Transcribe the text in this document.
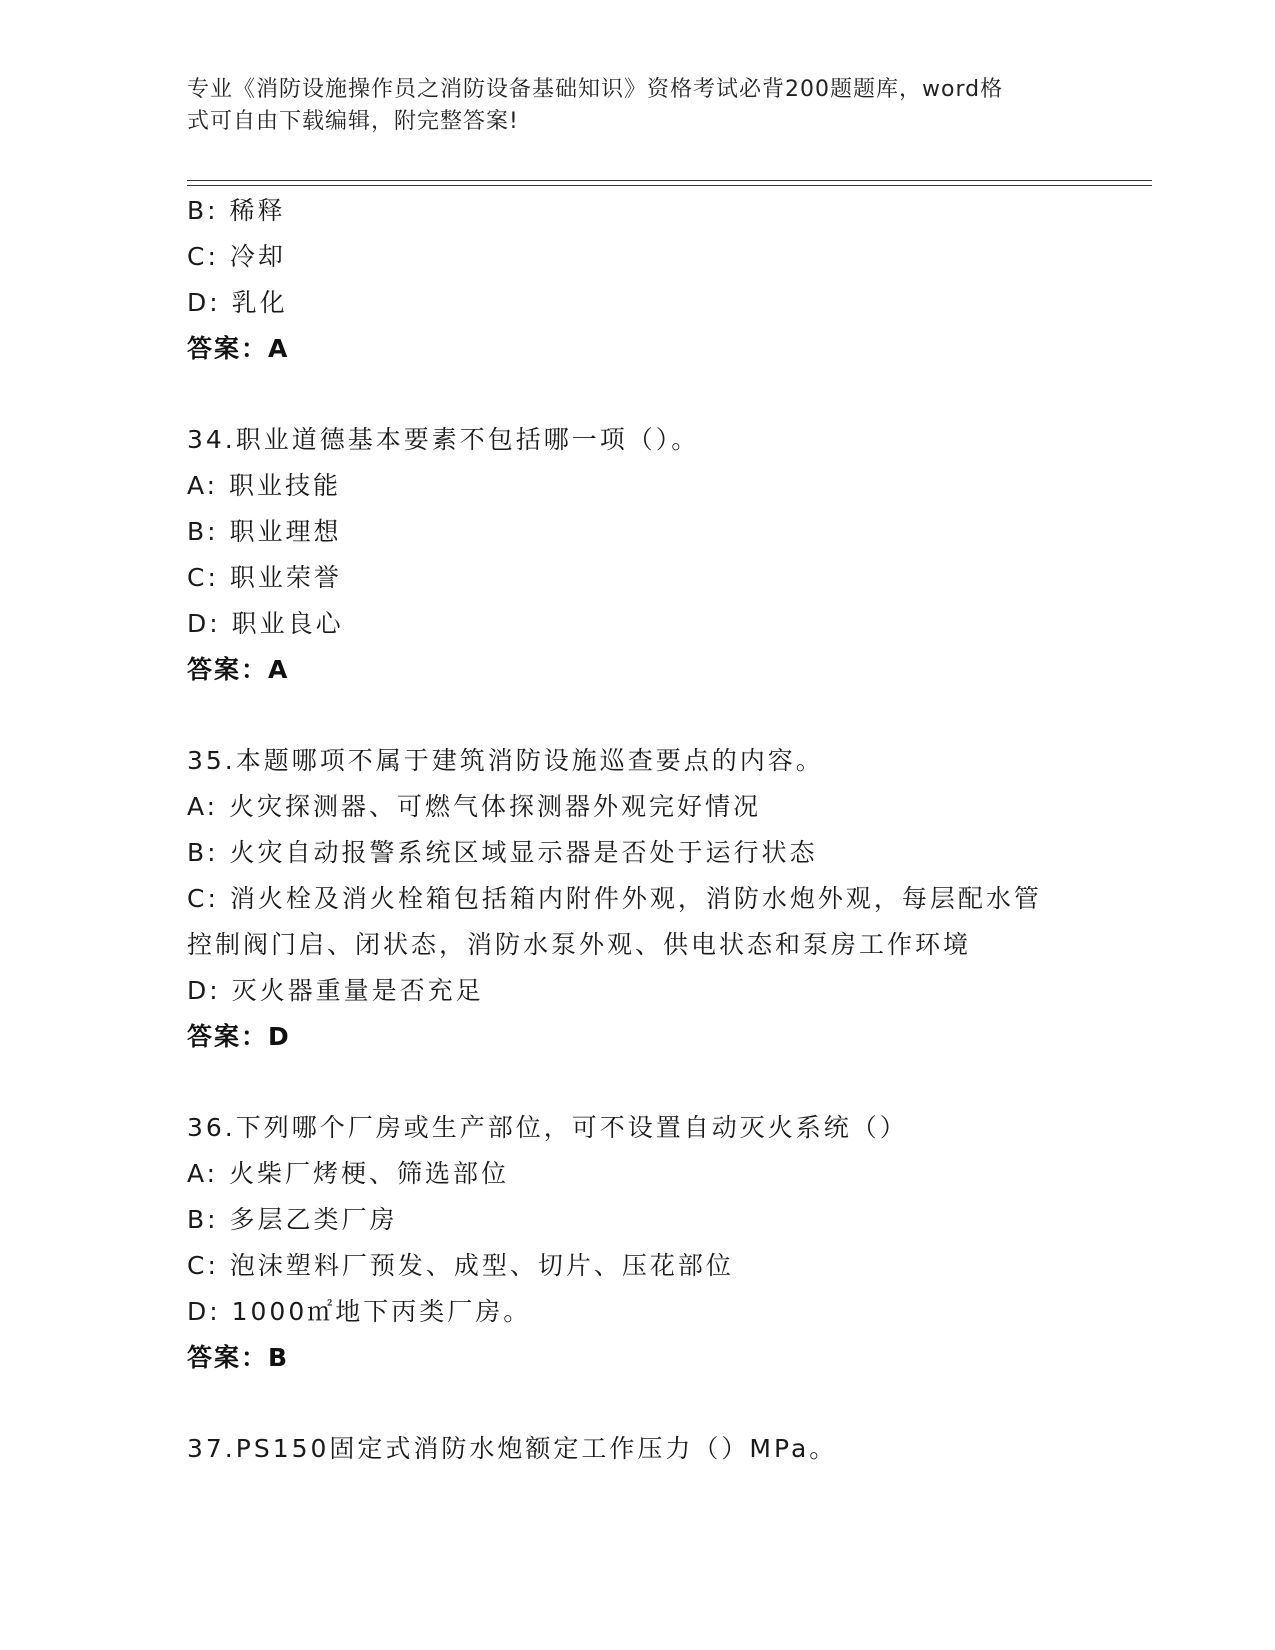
专业《消防设施操作员之消防设备基础知识》资格考试必背200题题库，word格
式可自由下载编辑，附完整答案!
B: 稀释
C: 冷却
D: 乳化
答案：A
34.职业道德基本要素不包括哪一项（）。
A: 职业技能
B: 职业理想
C: 职业荣誉
D: 职业良心
答案：A
35.本题哪项不属于建筑消防设施巡查要点的内容。
A: 火灾探测器、可燃气体探测器外观完好情况
B: 火灾自动报警系统区域显示器是否处于运行状态
C: 消火栓及消火栓箱包括箱内附件外观，消防水炮外观，每层配水管
控制阀门启、闭状态，消防水泵外观、供电状态和泵房工作环境
D: 灭火器重量是否充足
答案：D
36.下列哪个厂房或生产部位，可不设置自动灭火系统（）
A: 火柴厂烤梗、筛选部位
B: 多层乙类厂房
C: 泡沫塑料厂预发、成型、切片、压花部位
D: 1000㎡地下丙类厂房。
答案：B
37.PS150固定式消防水炮额定工作压力（）MPa。
